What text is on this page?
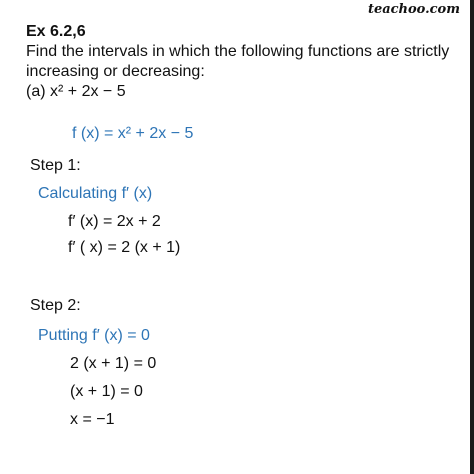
teachoo.com
Ex 6.2,6
Find the intervals in which the following functions are strictly
increasing or decreasing:
(a) x² + 2x − 5
f (x) = x² + 2x − 5
Step 1:
Calculating f′ (x)
f′ (x) = 2x + 2
f′ ( x) = 2 (x + 1)
Step 2:
Putting f′ (x) = 0
2 (x + 1) = 0
(x + 1) = 0
x = −1
